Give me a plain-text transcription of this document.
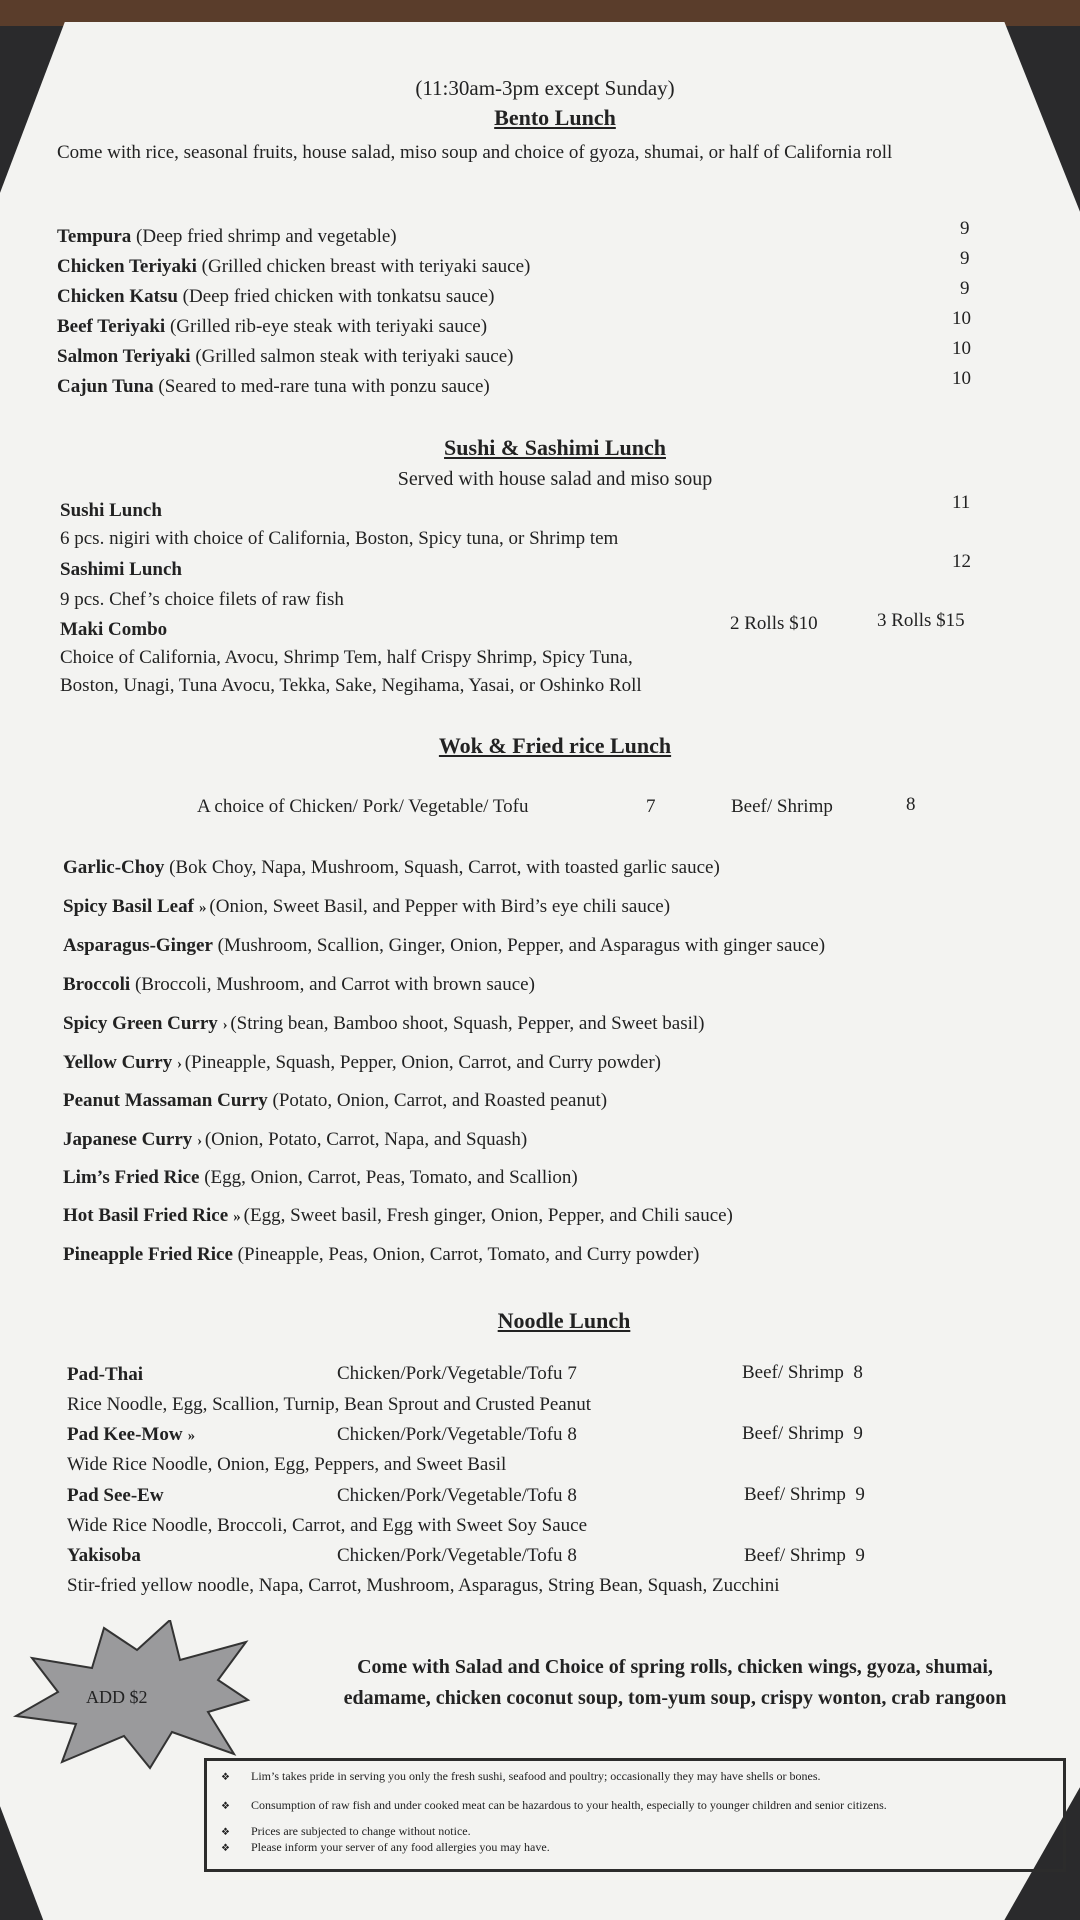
(11:30am-3pm except Sunday)
Bento Lunch
Come with rice, seasonal fruits, house salad, miso soup and choice of gyoza, shumai, or half of California roll
Tempura (Deep fried shrimp and vegetable)	9
Chicken Teriyaki (Grilled chicken breast with teriyaki sauce)	9
Chicken Katsu (Deep fried chicken with tonkatsu sauce)	9
Beef Teriyaki (Grilled rib-eye steak with teriyaki sauce)	10
Salmon Teriyaki (Grilled salmon steak with teriyaki sauce)	10
Cajun Tuna (Seared to med-rare tuna with ponzu sauce)	10
Sushi & Sashimi Lunch
Served with house salad and miso soup
Sushi Lunch	11
6 pcs. nigiri with choice of California, Boston, Spicy tuna, or Shrimp tem
Sashimi Lunch	12
9 pcs. Chef’s choice filets of raw fish
Maki Combo	2 Rolls $10	3 Rolls $15
Choice of California, Avocu, Shrimp Tem, half Crispy Shrimp, Spicy Tuna,
Boston, Unagi, Tuna Avocu, Tekka, Sake, Negihama, Yasai, or Oshinko Roll
Wok & Fried rice Lunch
A choice of Chicken/ Pork/ Vegetable/ Tofu	7	Beef/ Shrimp	8
Garlic-Choy (Bok Choy, Napa, Mushroom, Squash, Carrot, with toasted garlic sauce)
Spicy Basil Leaf ›› (Onion, Sweet Basil, and Pepper with Bird’s eye chili sauce)
Asparagus-Ginger (Mushroom, Scallion, Ginger, Onion, Pepper, and Asparagus with ginger sauce)
Broccoli (Broccoli, Mushroom, and Carrot with brown sauce)
Spicy Green Curry › (String bean, Bamboo shoot, Squash, Pepper, and Sweet basil)
Yellow Curry › (Pineapple, Squash, Pepper, Onion, Carrot, and Curry powder)
Peanut Massaman Curry (Potato, Onion, Carrot, and Roasted peanut)
Japanese Curry › (Onion, Potato, Carrot, Napa, and Squash)
Lim’s Fried Rice (Egg, Onion, Carrot, Peas, Tomato, and Scallion)
Hot Basil Fried Rice ›› (Egg, Sweet basil, Fresh ginger, Onion, Pepper, and Chili sauce)
Pineapple Fried Rice (Pineapple, Peas, Onion, Carrot, Tomato, and Curry powder)
Noodle Lunch
Pad-Thai	Chicken/Pork/Vegetable/Tofu 7	Beef/ Shrimp 8
Rice Noodle, Egg, Scallion, Turnip, Bean Sprout and Crusted Peanut
Pad Kee-Mow ››	Chicken/Pork/Vegetable/Tofu 8	Beef/ Shrimp 9
Wide Rice Noodle, Onion, Egg, Peppers, and Sweet Basil
Pad See-Ew	Chicken/Pork/Vegetable/Tofu 8	Beef/ Shrimp 9
Wide Rice Noodle, Broccoli, Carrot, and Egg with Sweet Soy Sauce
Yakisoba	Chicken/Pork/Vegetable/Tofu 8	Beef/ Shrimp 9
Stir-fried yellow noodle, Napa, Carrot, Mushroom, Asparagus, String Bean, Squash, Zucchini
ADD $2
Come with Salad and Choice of spring rolls, chicken wings, gyoza, shumai,
edamame, chicken coconut soup, tom-yum soup, crispy wonton, crab rangoon
❖ Lim’s takes pride in serving you only the fresh sushi, seafood and poultry; occasionally they may have shells or bones.
❖ Consumption of raw fish and under cooked meat can be hazardous to your health, especially to younger children and senior citizens.
❖ Prices are subjected to change without notice.
❖ Please inform your server of any food allergies you may have.
